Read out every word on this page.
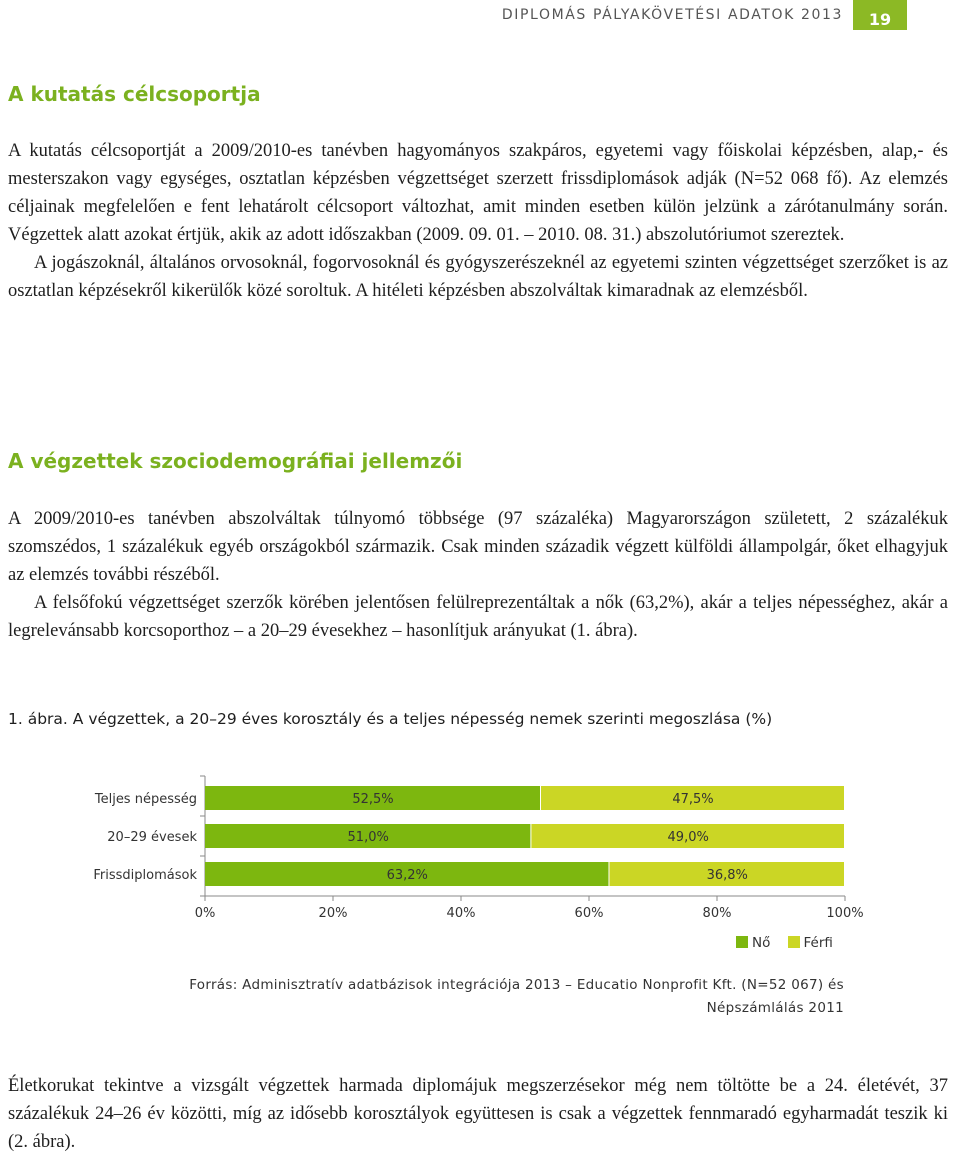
DIPLOMÁS PÁLYAKÖVETÉSI ADATOK 2013	19
A kutatás célcsoportja

A kutatás célcsoportját a 2009/2010-es tanévben hagyományos szakpáros, egyetemi vagy főiskolai képzésben, alap,- és mesterszakon vagy egységes, osztatlan képzésben végzettséget szerzett frissdiplomások adják (N=52 068 fő). Az elemzés céljainak megfelelően e fent lehatárolt célcsoport változhat, amit minden esetben külön jelzünk a zárótanulmány során. Végzettek alatt azokat értjük, akik az adott időszakban (2009. 09. 01. – 2010. 08. 31.) abszolutóriumot szereztek.

A jogászoknál, általános orvosoknál, fogorvosoknál és gyógyszerészeknél az egyetemi szinten végzettséget szerzőket is az osztatlan képzésekről kikerülők közé soroltuk. A hitéleti képzésben abszolváltak kimaradnak az elemzésből.

A végzettek szociodemográfiai jellemzői

A 2009/2010-es tanévben abszolváltak túlnyomó többsége (97 százaléka) Magyarországon született, 2 százalékuk szomszédos, 1 százalékuk egyéb országokból származik. Csak minden századik végzett külföldi állampolgár, őket elhagyjuk az elemzés további részéből.

A felsőfokú végzettséget szerzők körében jelentősen felülreprezentáltak a nők (63,2%), akár a teljes népességhez, akár a legrelevánsabb korcsoporthoz – a 20–29 évesekhez – hasonlítjuk arányukat (1. ábra).

1. ábra. A végzettek, a 20–29 éves korosztály és a teljes népesség nemek szerinti megoszlása (%)
Teljes népesség	52,5%	47,5%
20–29 évesek	51,0%	49,0%
Frissdiplomások	63,2%	36,8%
0%	20%	40%	60%	80%	100%
Nő Férfi
Forrás: Adminisztratív adatbázisok integrációja 2013 – Educatio Nonprofit Kft. (N=52 067) és
Népszámlálás 2011

Életkorukat tekintve a vizsgált végzettek harmada diplomájuk megszerzésekor még nem töltötte be a 24. életévét, 37 százalékuk 24–26 év közötti, míg az idősebb korosztályok együttesen is csak a végzettek fennmaradó egyharmadát teszik ki (2. ábra).
